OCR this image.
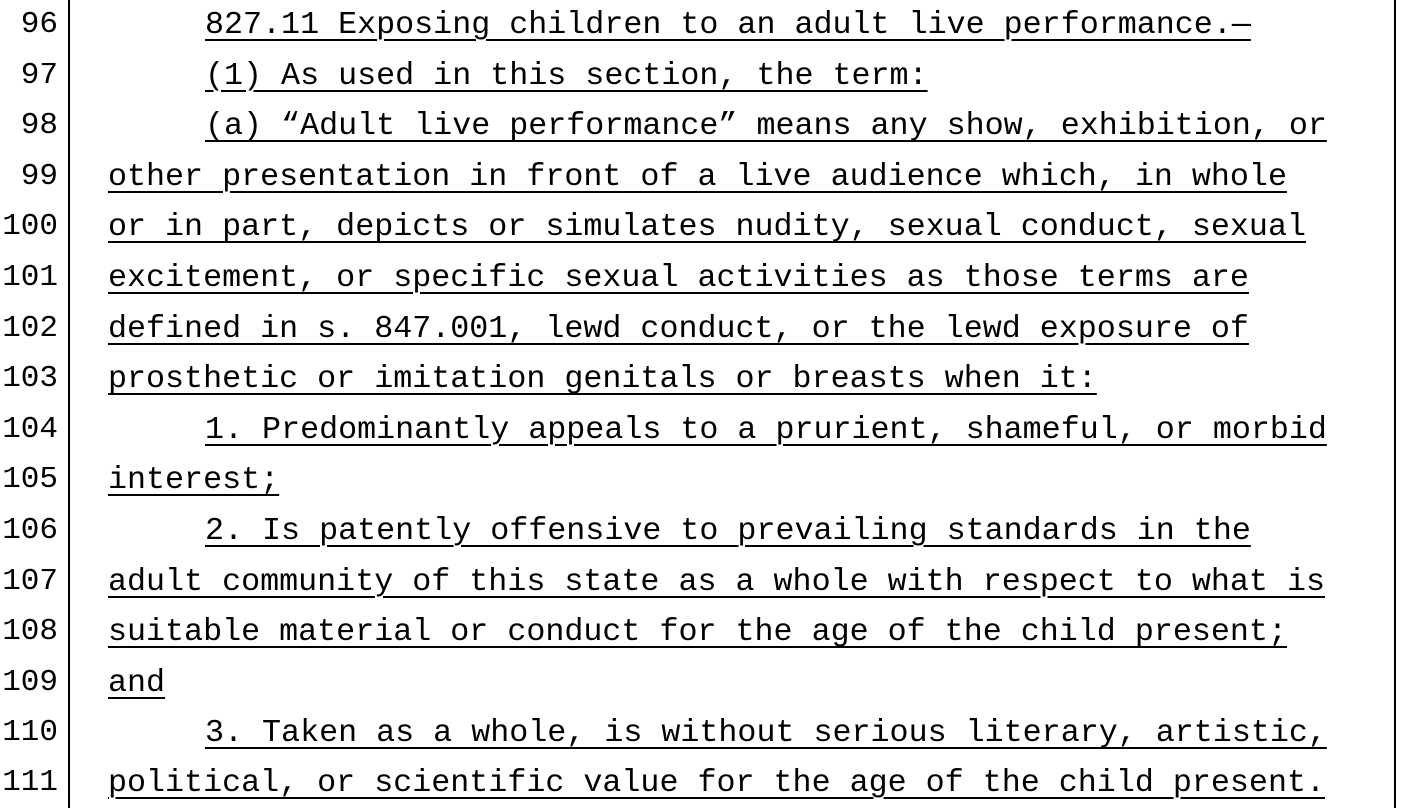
96	827.11 Exposing children to an adult live performance.—
97	(1) As used in this section, the term:
98	(a) “Adult live performance” means any show, exhibition, or
99 other presentation in front of a live audience which, in whole
100 or in part, depicts or simulates nudity, sexual conduct, sexual
101 excitement, or specific sexual activities as those terms are
102 defined in s. 847.001, lewd conduct, or the lewd exposure of
103 prosthetic or imitation genitals or breasts when it:
104	1. Predominantly appeals to a prurient, shameful, or morbid
105 interest;
106	2. Is patently offensive to prevailing standards in the
107 adult community of this state as a whole with respect to what is
108 suitable material or conduct for the age of the child present;
109 and
110	3. Taken as a whole, is without serious literary, artistic,
111 political, or scientific value for the age of the child present.
